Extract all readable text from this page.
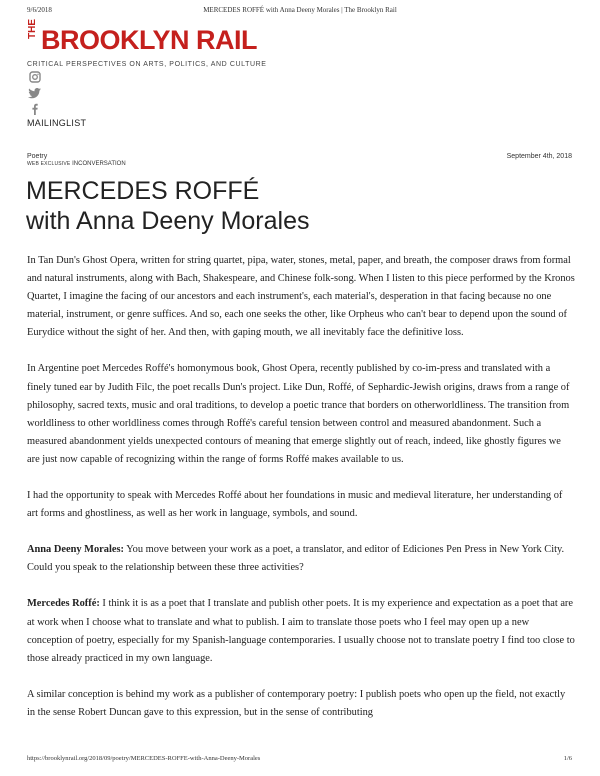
9/6/2018	MERCEDES ROFFÉ with Anna Deeny Morales | The Brooklyn Rail
THE BROOKLYN RAIL
CRITICAL PERSPECTIVES ON ARTS, POLITICS, AND CULTURE
MAILINGLIST
Poetry
WEB EXCLUSIVE INCONVERSATION
September 4th, 2018
MERCEDES ROFFÉ
with Anna Deeny Morales

In Tan Dun's Ghost Opera, written for string quartet, pipa, water, stones, metal, paper, and breath, the composer draws from formal and natural instruments, along with Bach, Shakespeare, and Chinese folk-song. When I listen to this piece performed by the Kronos Quartet, I imagine the facing of our ancestors and each instrument's, each material's, desperation in that facing because no one material, instrument, or genre suffices. And so, each one seeks the other, like Orpheus who can't bear to depend upon the sound of Eurydice without the sight of her. And then, with gaping mouth, we all inevitably face the definitive loss.

In Argentine poet Mercedes Roffé's homonymous book, Ghost Opera, recently published by co-im-press and translated with a finely tuned ear by Judith Filc, the poet recalls Dun's project. Like Dun, Roffé, of Sephardic-Jewish origins, draws from a range of philosophy, sacred texts, music and oral traditions, to develop a poetic trance that borders on otherworldliness. The transition from worldliness to other worldliness comes through Roffé's careful tension between control and measured abandonment. Such a measured abandonment yields unexpected contours of meaning that emerge slightly out of reach, indeed, like ghostly figures we are just now capable of recognizing within the range of forms Roffé makes available to us.

I had the opportunity to speak with Mercedes Roffé about her foundations in music and medieval literature, her understanding of art forms and ghostliness, as well as her work in language, symbols, and sound.

Anna Deeny Morales: You move between your work as a poet, a translator, and editor of Ediciones Pen Press in New York City. Could you speak to the relationship between these three activities?

Mercedes Roffé: I think it is as a poet that I translate and publish other poets. It is my experience and expectation as a poet that are at work when I choose what to translate and what to publish. I aim to translate those poets who I feel may open up a new conception of poetry, especially for my Spanish-language contemporaries. I usually choose not to translate poetry I find too close to those already practiced in my own language.

A similar conception is behind my work as a publisher of contemporary poetry: I publish poets who open up the field, not exactly in the sense Robert Duncan gave to this expression, but in the sense of contributing

https://brooklynrail.org/2018/09/poetry/MERCEDES-ROFFE-with-Anna-Deeny-Morales	1/6
